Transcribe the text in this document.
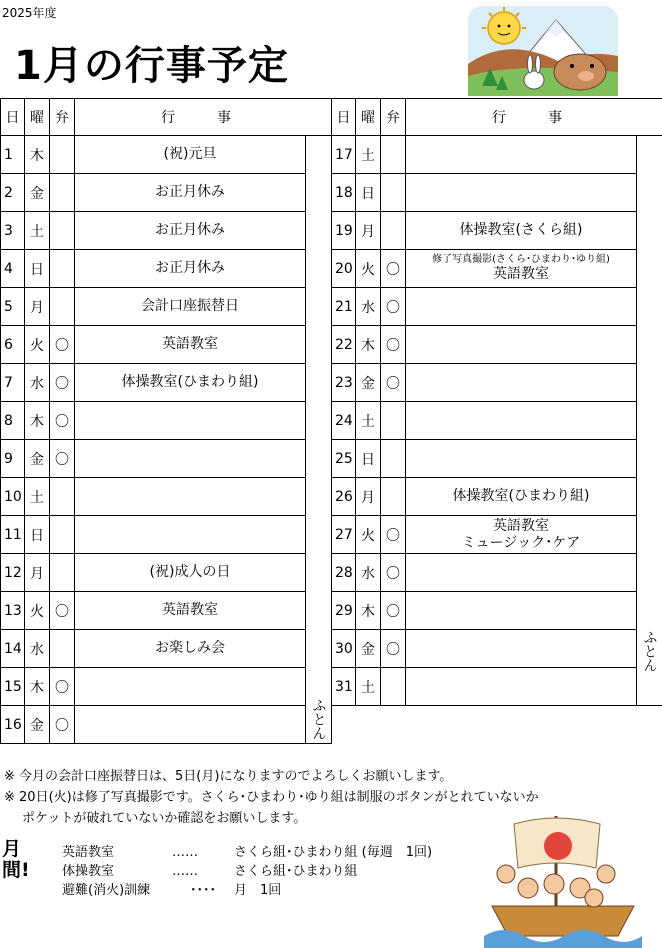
2025年度
1月の行事予定
日	曜	弁	行　事	
1	木		(祝)元旦	ふとん
2	金		お正月休み	

3	土		お正月休み	

4	日		お正月休み	

5	月		会計口座振替日	

6	火	〇	英語教室	

7	水	〇	体操教室(ひまわり組)	

8	木	〇		

9	金	〇		

10	土			

11	日			

12	月		(祝)成人の日	

13	火	〇	英語教室	

14	水		お楽しみ会	

15	木	〇		

16	金	〇		
日	曜	弁	行　事	
17	土			ふとん
18	日			

19	月		体操教室(さくら組)	

20	火	〇	修了写真撮影(さくら･ひまわり･ゆり組)
英語教室	

21	水	〇		

22	木	〇		

23	金	〇		

24	土			

25	日			

26	月		体操教室(ひまわり組)	

27	火	〇	英語教室
ミュージック･ケア	

28	水	〇		

29	木	〇		

30	金	〇		

31	土			
※ 今月の会計口座振替日は、5日(月)になりますのでよろしくお願いします。
※ 20日(火)は修了写真撮影です。さくら･ひまわり･ゆり組は制服のボタンがとれていないか
ポケットが破れていないか確認をお願いします。
月間!
英語教室	……	さくら組･ひまわり組 (毎週　1回)
体操教室	……	さくら組･ひまわり組
避難(消火)訓練	････ 月　1回
